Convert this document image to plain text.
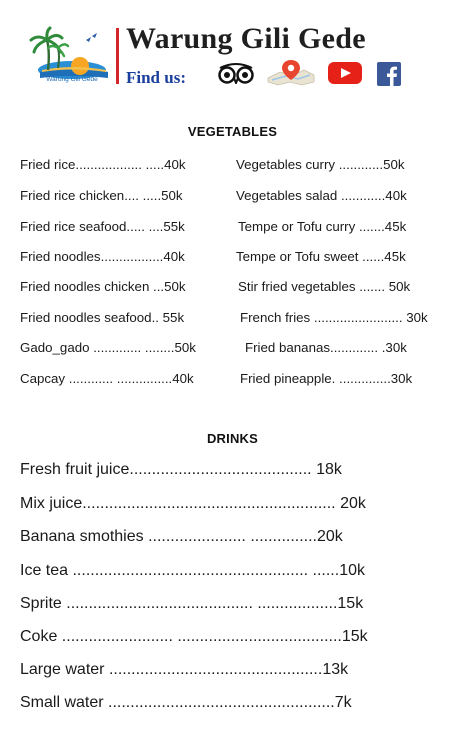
Warung Gili Gede
Warung Gili Gede
Find us:
VEGETABLES
Fried rice.................. .....40k
Fried rice chicken.... .....50k
Fried rice seafood..... ....55k
Fried noodles.................40k
Fried noodles chicken ...50k
Fried noodles seafood.. 55k
Gado_gado ............. ........50k
Capcay ............ ...............40k
Vegetables curry ............50k
Vegetables salad ............40k
Tempe or Tofu curry .......45k
Tempe or Tofu sweet ......45k
Stir fried vegetables ....... 50k
French fries ........................ 30k
Fried bananas............. .30k
Fried pineapple. ..............30k
DRINKS
Fresh fruit juice......................................... 18k
Mix juice......................................................... 20k
Banana smothies ...................... ...............20k
Ice tea ..................................................... ......10k
Sprite .......................................... ..................15k
Coke ......................... .....................................15k
Large water ................................................13k
Small water ...................................................7k
